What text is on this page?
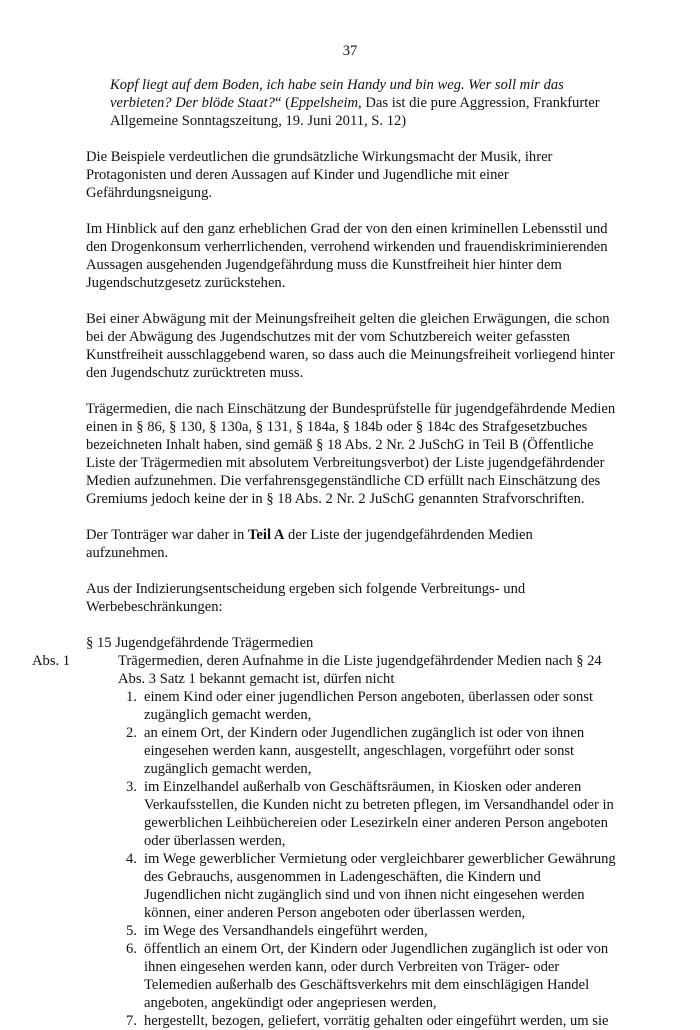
37

Kopf liegt auf dem Boden, ich habe sein Handy und bin weg. Wer soll mir das verbieten? Der blöde Staat?“ (Eppelsheim, Das ist die pure Aggression, Frankfurter Allgemeine Sonntagszeitung, 19. Juni 2011, S. 12)

Die Beispiele verdeutlichen die grundsätzliche Wirkungsmacht der Musik, ihrer Protagonisten und deren Aussagen auf Kinder und Jugendliche mit einer Gefährdungsneigung.

Im Hinblick auf den ganz erheblichen Grad der von den einen kriminellen Lebensstil und den Drogenkonsum verherrlichenden, verrohend wirkenden und frauendiskriminierenden Aussagen ausgehenden Jugendgefährdung muss die Kunstfreiheit hier hinter dem Jugendschutzgesetz zurückstehen.

Bei einer Abwägung mit der Meinungsfreiheit gelten die gleichen Erwägungen, die schon bei der Abwägung des Jugendschutzes mit der vom Schutzbereich weiter gefassten Kunstfreiheit ausschlaggebend waren, so dass auch die Meinungsfreiheit vorliegend hinter den Jugendschutz zurücktreten muss.

Trägermedien, die nach Einschätzung der Bundesprüfstelle für jugendgefährdende Medien einen in § 86, § 130, § 130a, § 131, § 184a, § 184b oder § 184c des Strafgesetzbuches bezeichneten Inhalt haben, sind gemäß § 18 Abs. 2 Nr. 2 JuSchG in Teil B (Öffentliche Liste der Trägermedien mit absolutem Verbreitungsverbot) der Liste jugendgefährdender Medien aufzunehmen. Die verfahrensgegenständliche CD erfüllt nach Einschätzung des Gremiums jedoch keine der in § 18 Abs. 2 Nr. 2 JuSchG genannten Strafvorschriften.

Der Tonträger war daher in Teil A der Liste der jugendgefährdenden Medien aufzunehmen.

Aus der Indizierungsentscheidung ergeben sich folgende Verbreitungs- und Werbebeschränkungen:

§ 15 Jugendgefährdende Trägermedien
Abs. 1	Trägermedien, deren Aufnahme in die Liste jugendgefährdender Medien nach § 24 Abs. 3 Satz 1 bekannt gemacht ist, dürfen nicht
1. einem Kind oder einer jugendlichen Person angeboten, überlassen oder sonst zugänglich gemacht werden,
2. an einem Ort, der Kindern oder Jugendlichen zugänglich ist oder von ihnen eingesehen werden kann, ausgestellt, angeschlagen, vorgeführt oder sonst zugänglich gemacht werden,
3. im Einzelhandel außerhalb von Geschäftsräumen, in Kiosken oder anderen Verkaufsstellen, die Kunden nicht zu betreten pflegen, im Versandhandel oder in gewerblichen Leihbüchereien oder Lesezirkeln einer anderen Person angeboten oder überlassen werden,
4. im Wege gewerblicher Vermietung oder vergleichbarer gewerblicher Gewährung des Gebrauchs, ausgenommen in Ladengeschäften, die Kindern und Jugendlichen nicht zugänglich sind und von ihnen nicht eingesehen werden können, einer anderen Person angeboten oder überlassen werden,
5. im Wege des Versandhandels eingeführt werden,
6. öffentlich an einem Ort, der Kindern oder Jugendlichen zugänglich ist oder von ihnen eingesehen werden kann, oder durch Verbreiten von Träger- oder Telemedien außerhalb des Geschäftsverkehrs mit dem einschlägigen Handel angeboten, angekündigt oder angepriesen werden,
7. hergestellt, bezogen, geliefert, vorrätig gehalten oder eingeführt werden, um sie
